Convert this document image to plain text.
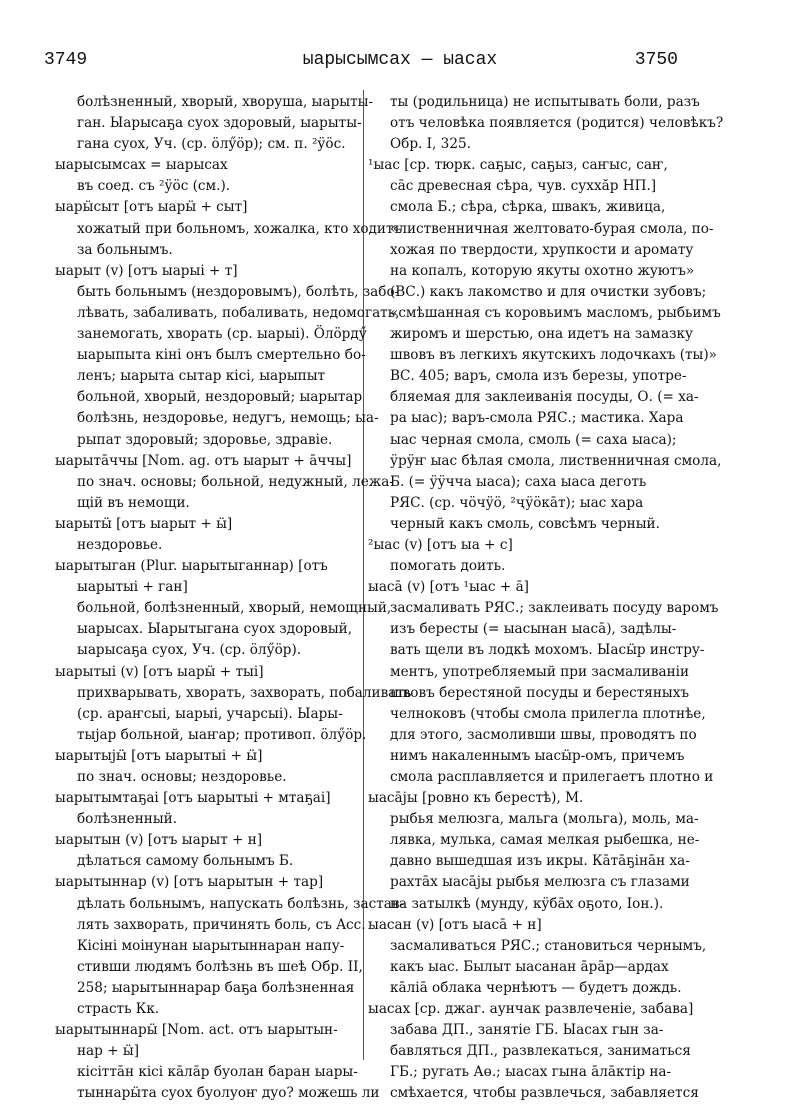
3749	ыарысымсах — ыасах	3750
болѣзненный, хворый, хворуша, ыарыты-
ган. Ыарысаҕа суох здоровый, ыарыты-
гана суох, Уч. (ср. ӧлӳӧр); см. п. ²ӱӧс.
ыарысымсах = ыарысах
въ соед. съ ²ӱӧс (см.).
ыарӹсыт [отъ ыарӹ + сыт]
хожатый при больномъ, хожалка, кто ходитъ
за больнымъ.
ыарыт (v) [отъ ыарыі + т]
быть больнымъ (нездоровымъ), болѣть, забо-
лѣвать, забаливать, побаливать, недомогать,
занемогать, хворать (ср. ыарыі). Ӧлӧрдӳ
ыарыпыта кіні онъ былъ смертельно бо-
ленъ; ыарыта сытар кісі, ыарыпыт
больной, хворый, нездоровый; ыарытар
болѣзнь, нездоровье, недугъ, немощь; ыа-
рыпат здоровый; здоровье, здравіе.
ыарытāччы [Nom. ag. отъ ыарыт + āччы]
по знач. основы; больной, недужный, лежа-
щій въ немощи.
ыарытӹ [отъ ыарыт + ӹ]
нездоровье.
ыарытыган (Plur. ыарытыганнар) [отъ
ыарытыі + ган]
больной, болѣзненный, хворый, немощный,
ыарысах. Ыарытыгана суох здоровый,
ыарысаҕа суох, Уч. (ср. ӧлӳӧр).
ыарытыі (v) [отъ ыарӹ + тыі]
прихварывать, хворать, захворать, побаливать
(ср. араҥсыі, ыарыі, учарсыі). Ыары-
тыјар больной, ыаҥар; противоп. ӧлӳӧр.
ыарытыјӹ [отъ ыарытыі + ӹ]
по знач. основы; нездоровье.
ыарытымтаҕаі [отъ ыарытыі + мтаҕаі]
болѣзненный.
ыарытын (v) [отъ ыарыт + н]
дѣлаться самому больнымъ Б.
ыарытыннар (v) [отъ ыарытын + тар]
дѣлать больнымъ, напускать болѣзнь, застав-
лять захворать, причинять боль, съ Acc.
Кісіні моінунан ыарытыннаран напу-
стивши людямъ болѣзнь въ шеѣ Обр. II,
258; ыарытыннарар баҕа болѣзненная
страсть Кк.
ыарытыннарӹ [Nom. act. отъ ыарытын-
нар + ӹ]
кісіттāн кісі кāлāр буолан баран ыары-
тыннарӹта суох буолуоҥ дуо? можешь ли
ты (родильница) не испытывать боли, разъ
отъ человѣка появляется (родится) человѣкъ?
Обр. I, 325.
¹ыас [ср. тюрк. саҕыс, саҕыз, саҥыс, саҥ,
сāс древесная сѣра, чув. суххӑр НП.]
смола Б.; сѣра, сѣрка, швакъ, живица,
«лиственничная желтовато-бурая смола, по-
хожая по твердости, хрупкости и аромату
на копалъ, которую якуты охотно жуютъ»
(ВС.) какъ лакомство и для очистки зубовъ;
«смѣшанная съ коровьимъ масломъ, рыбьимъ
жиромъ и шерстью, она идетъ на замазку
швовъ въ легкихъ якутскихъ лодочкахъ (ты)»
ВС. 405; варъ, смола изъ березы, употре-
бляемая для заклеиванія посуды, О. (= ха-
ра ыас); варъ-смола РЯС.; мастика. Хара
ыас черная смола, смоль (= саха ыаса);
ӱрӱҥ ыас бѣлая смола, лиственничная смола,
Б. (= ӱӱчча ыаса); саха ыаса деготь
РЯС. (ср. чӧчӱӧ, ²ҷӱӧкāт); ыас хара
черный какъ смоль, совсѣмъ черный.
²ыас (v) [отъ ыа + с]
помогать доить.
ыасā (v) [отъ ¹ыас + ā]
засмаливать РЯС.; заклеивать посуду варомъ
изъ бересты (= ыасынан ыасā), задѣлы-
вать щели въ лодкѣ мохомъ. Ыасӹр инстру-
ментъ, употребляемый при засмаливаніи
швовъ берестяной посуды и берестяныхъ
челноковъ (чтобы смола прилегла плотнѣе,
для этого, засмоливши швы, проводятъ по
нимъ накаленнымъ ыасӹр-омъ, причемъ
смола расплавляется и прилегаетъ плотно и
ыасāјы [ровно къ берестѣ), М.
рыбья мелюзга, мальга (мольга), моль, ма-
лявка, мулька, самая мелкая рыбешка, не-
давно вышедшая изъ икры. Кāтāҕінāн ха-
рахтāх ыасāјы рыбья мелюзга съ глазами
на затылкѣ (мунду, кӱбāх оҕото, Іон.).
ыасан (v) [отъ ыасā + н]
засмаливаться РЯС.; становиться чернымъ,
какъ ыас. Былыт ыасанан āрāр—ардах
кāліā облака чернѣютъ — будетъ дождь.
ыасах [ср. джаг. аунчак развлеченіе, забава]
забава ДП., занятіе ГБ. Ыасах гын за-
бавляться ДП., развлекаться, заниматься
ГБ.; ругать Аө.; ыасах гына āлāктір на-
смѣхается, чтобы развлечься, забавляется
